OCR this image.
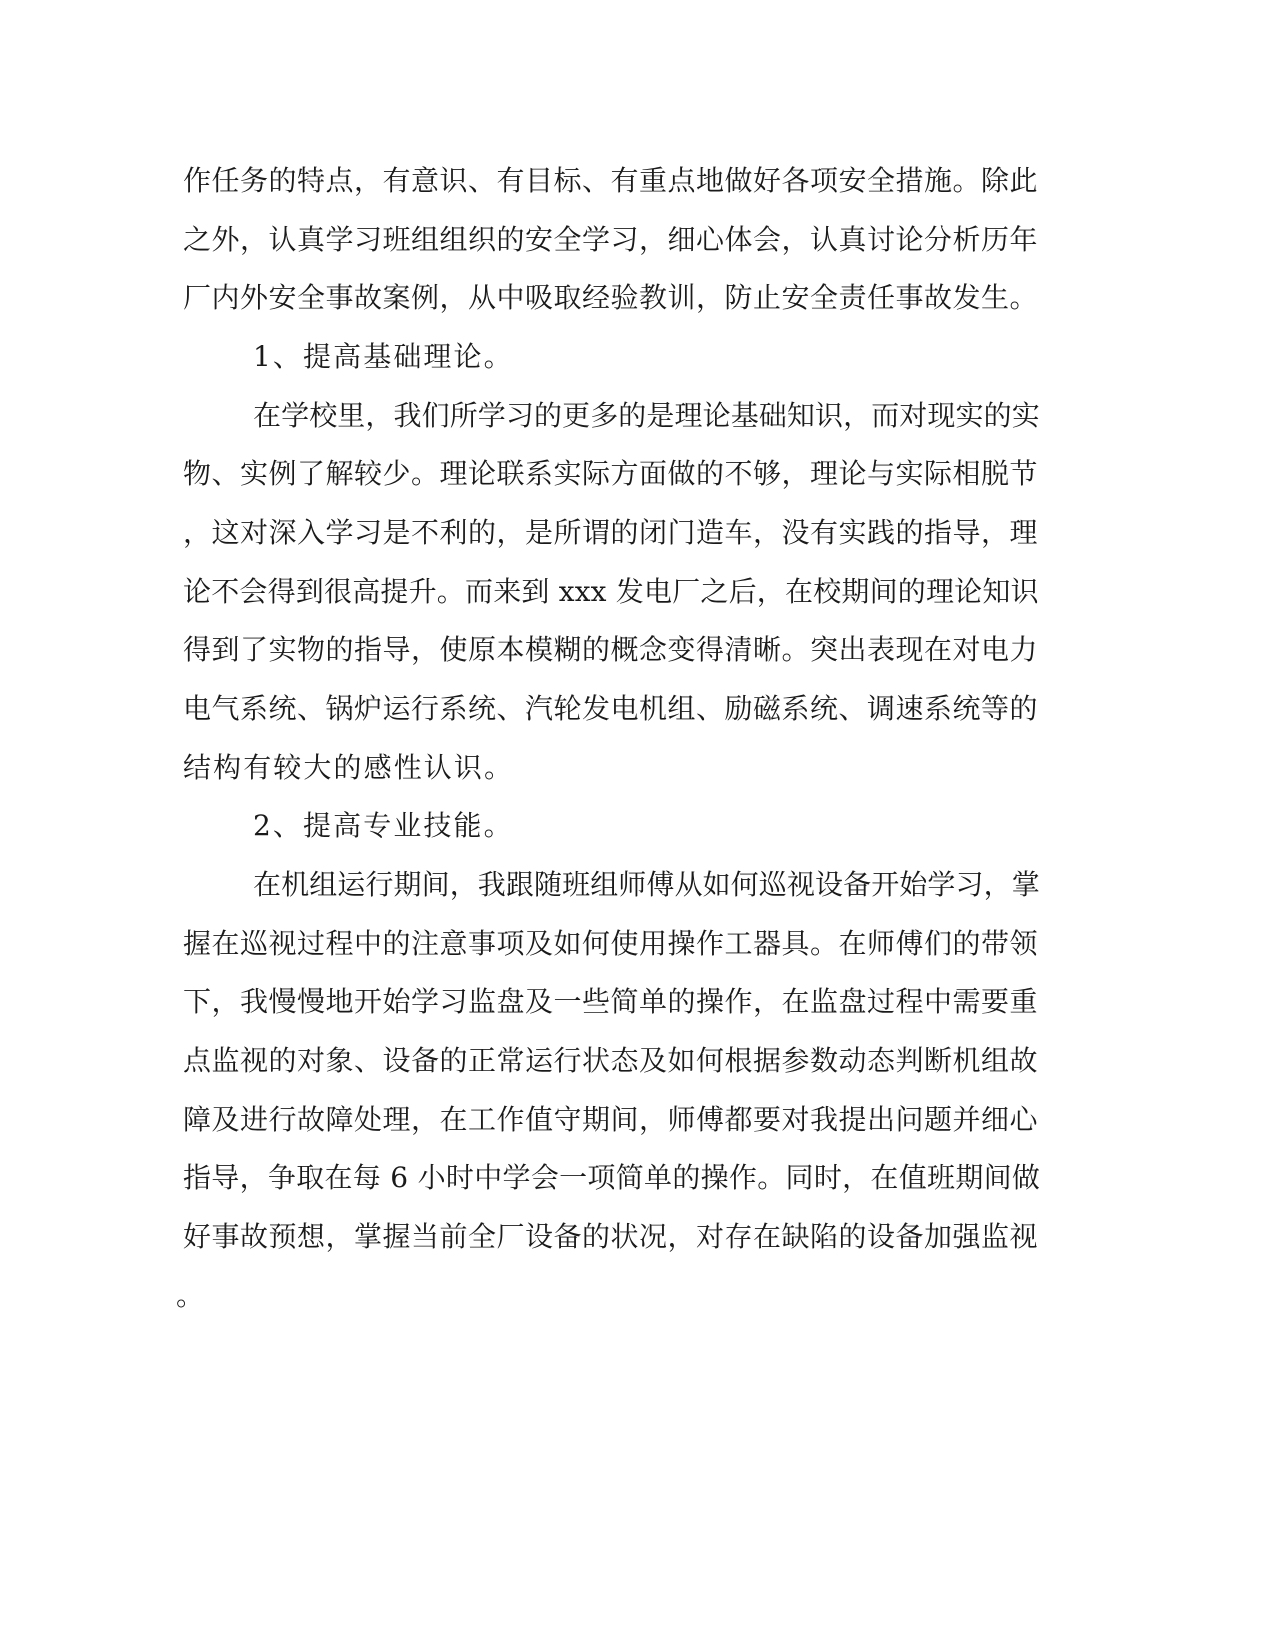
作任务的特点，有意识、有目标、有重点地做好各项安全措施。除此
之外，认真学习班组组织的安全学习，细心体会，认真讨论分析历年
厂内外安全事故案例，从中吸取经验教训，防止安全责任事故发生。
1、提高基础理论。
在学校里，我们所学习的更多的是理论基础知识，而对现实的实
物、实例了解较少。理论联系实际方面做的不够，理论与实际相脱节
，这对深入学习是不利的，是所谓的闭门造车，没有实践的指导，理
论不会得到很高提升。而来到 xxx 发电厂之后，在校期间的理论知识
得到了实物的指导，使原本模糊的概念变得清晰。突出表现在对电力
电气系统、锅炉运行系统、汽轮发电机组、励磁系统、调速系统等的
结构有较大的感性认识。
2、提高专业技能。
在机组运行期间，我跟随班组师傅从如何巡视设备开始学习，掌
握在巡视过程中的注意事项及如何使用操作工器具。在师傅们的带领
下，我慢慢地开始学习监盘及一些简单的操作，在监盘过程中需要重
点监视的对象、设备的正常运行状态及如何根据参数动态判断机组故
障及进行故障处理，在工作值守期间，师傅都要对我提出问题并细心
指导，争取在每 6 小时中学会一项简单的操作。同时，在值班期间做
好事故预想，掌握当前全厂设备的状况，对存在缺陷的设备加强监视
。
